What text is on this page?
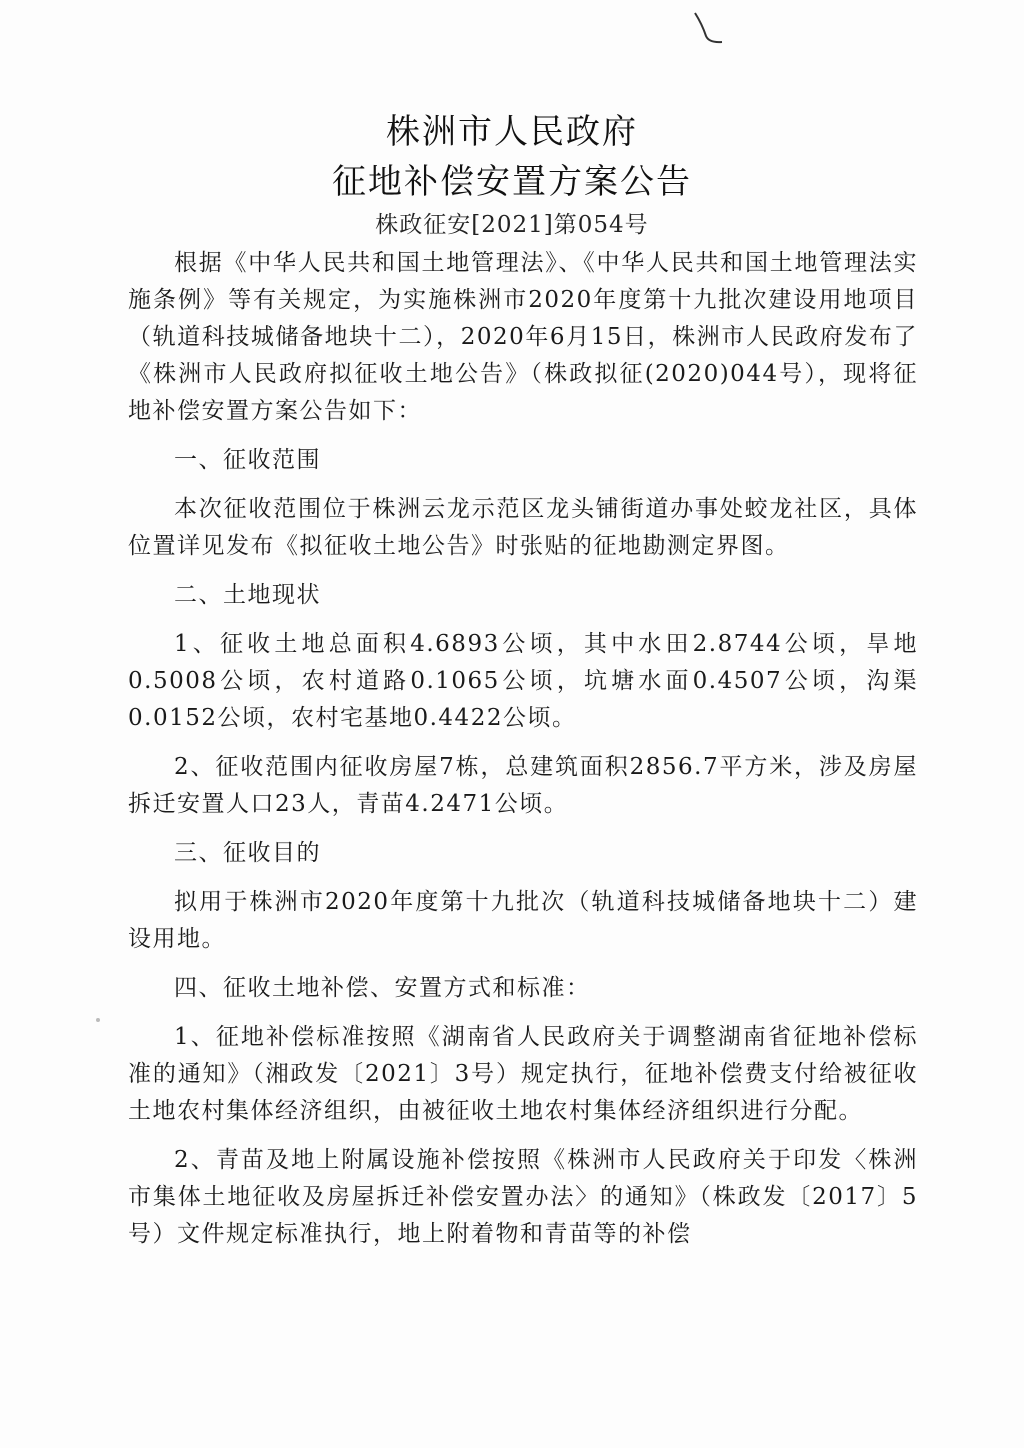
株洲市人民政府
征地补偿安置方案公告
株政征安[2021]第054号

根据《中华人民共和国土地管理法》、《中华人民共和国土地管理法实施条例》等有关规定，为实施株洲市2020年度第十九批次建设用地项目（轨道科技城储备地块十二），2020年6月15日，株洲市人民政府发布了《株洲市人民政府拟征收土地公告》（株政拟征(2020)044号），现将征地补偿安置方案公告如下：

一、征收范围

本次征收范围位于株洲云龙示范区龙头铺街道办事处蛟龙社区，具体位置详见发布《拟征收土地公告》时张贴的征地勘测定界图。

二、土地现状

1、征收土地总面积4.6893公顷，其中水田2.8744公顷，旱地0.5008公顷，农村道路0.1065公顷，坑塘水面0.4507公顷，沟渠0.0152公顷，农村宅基地0.4422公顷。

2、征收范围内征收房屋7栋，总建筑面积2856.7平方米，涉及房屋拆迁安置人口23人，青苗4.2471公顷。

三、征收目的

拟用于株洲市2020年度第十九批次（轨道科技城储备地块十二）建设用地。

四、征收土地补偿、安置方式和标准：

1、征地补偿标准按照《湖南省人民政府关于调整湖南省征地补偿标准的通知》（湘政发〔2021〕3号）规定执行，征地补偿费支付给被征收土地农村集体经济组织，由被征收土地农村集体经济组织进行分配。

2、青苗及地上附属设施补偿按照《株洲市人民政府关于印发〈株洲市集体土地征收及房屋拆迁补偿安置办法〉的通知》（株政发〔2017〕5号）文件规定标准执行，地上附着物和青苗等的补偿
